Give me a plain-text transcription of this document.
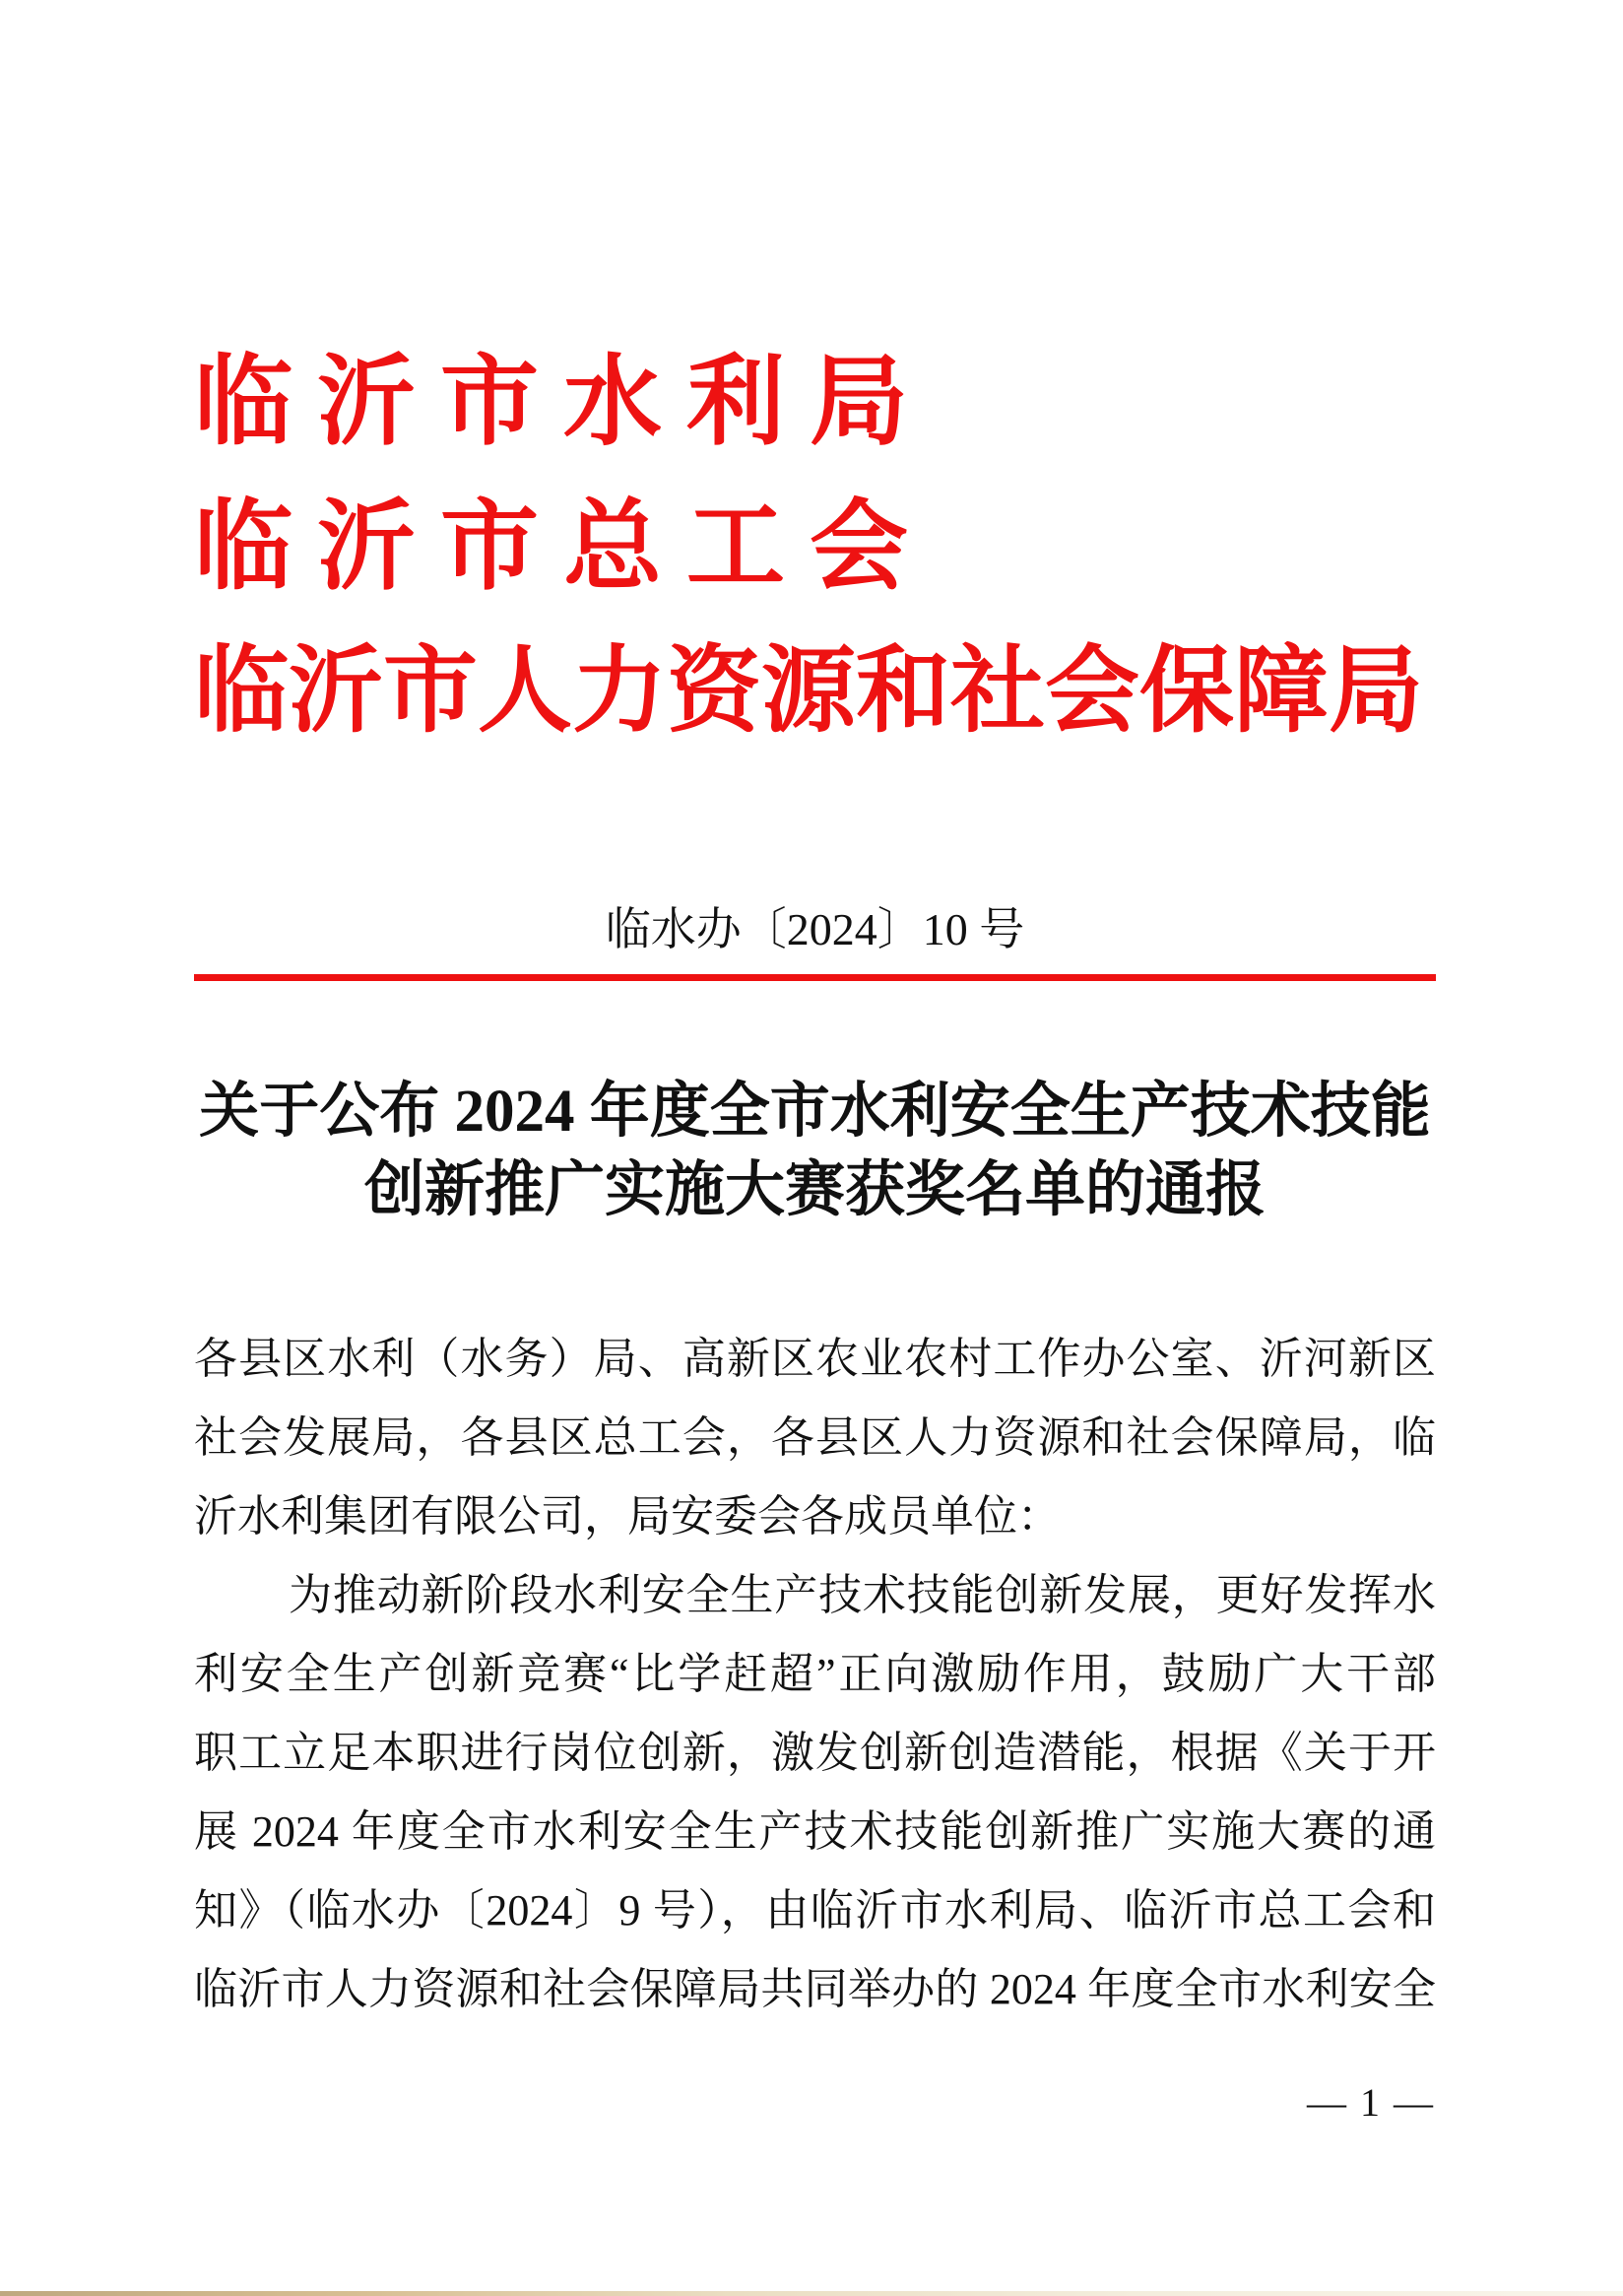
临 沂 市 水 利 局
临 沂 市 总 工 会
临沂市人力资源和社会保障局
临水办〔2024〕10 号
关于公布 2024 年度全市水利安全生产技术技能
创新推广实施大赛获奖名单的通报

各县区水利（水务）局、高新区农业农村工作办公室、沂河新区

社会发展局，各县区总工会，各县区人力资源和社会保障局，临

沂水利集团有限公司，局安委会各成员单位：

为推动新阶段水利安全生产技术技能创新发展，更好发挥水

利安全生产创新竞赛“比学赶超”正向激励作用，鼓励广大干部

职工立足本职进行岗位创新，激发创新创造潜能，根据《关于开

展 2024 年度全市水利安全生产技术技能创新推广实施大赛的通

知》（临水办〔2024〕9 号），由临沂市水利局、临沂市总工会和

临沂市人力资源和社会保障局共同举办的 2024 年度全市水利安全

— 1 —
